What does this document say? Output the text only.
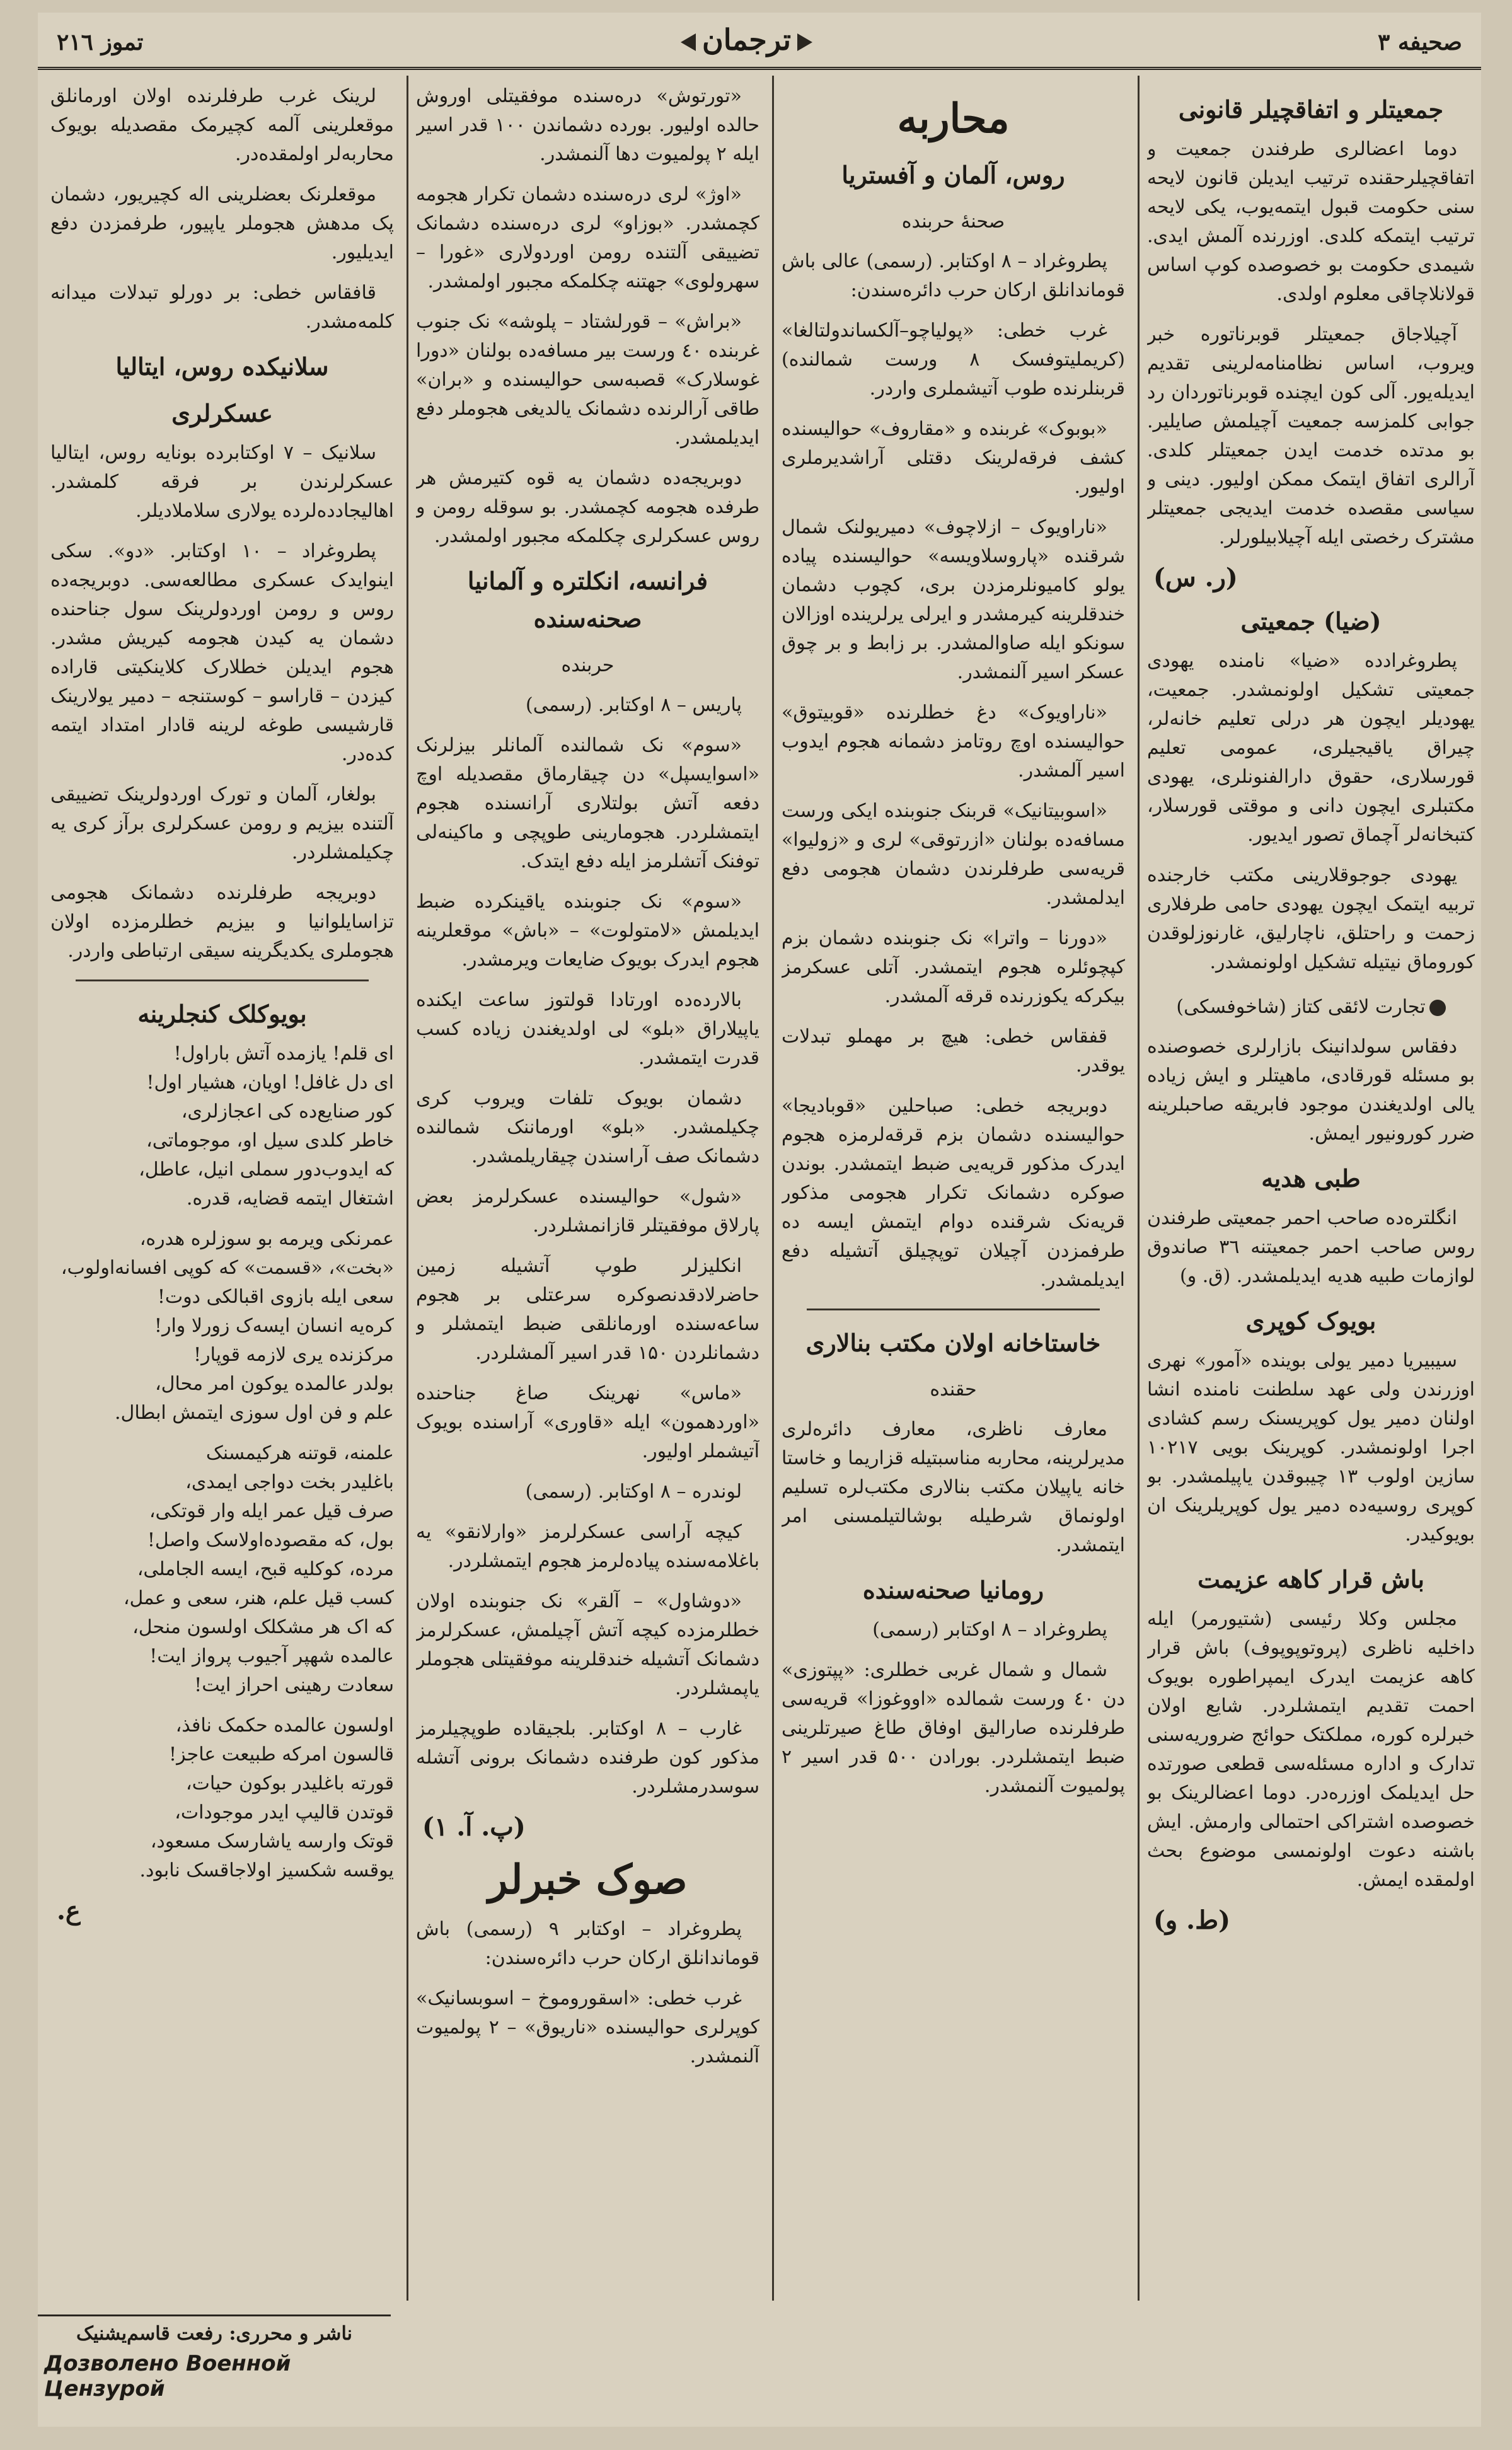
صحیفه ۳
ترجمان
تموز ۲۱٦
جمعیتلر و اتفاقچیلر قانونی

دوما اعضالری طرفندن جمعیت و اتفاقچیلرحقنده ترتیب ایدیلن قانون لایحه سنی حکومت قبول ایتمه‌یوب، یکی لایحه ترتیب ایتمکه کلدی. اوزرنده آلمش ایدی. شیمدی حکومت بو خصوصده کوپ اساس قولانلاچاقی معلوم اولدی.

آچیلاجاق جمعیتلر قوبرناتوره خبر ویروب، اساس نظامنامه‌لرینی تقدیم ایدیله‌یور. آلی کون ایچنده قوبرناتوردان رد جوابی کلمزسه جمعیت آچیلمش صایلیر. بو مدتده خدمت ایدن جمعیتلر کلدی. آرالری اتفاق ایتمک ممکن اولیور. دینی و سیاسی مقصده خدمت ایدیجی جمعیتلر مشترک رخصتی ایله آچیلابیلورلر.

(ر. س)
(ضیا) جمعیتی

پطروغرادده «ضیا» نامنده یهودی جمعیتی تشکیل اولونمشدر. جمعیت، یهودیلر ایچون هر درلی تعلیم خانه‌لر، چیراق یاقیجیلری، عمومی تعلیم قورسلاری، حقوق دارالفنونلری، یهودی مکتبلری ایچون دانی و موقتی قورسلار، کتبخانه‌لر آچماق تصور ایدیور.

یهودی جوجوقلارینی مکتب خارجنده تربیه ایتمک ایچون یهودی حامی طرفلاری زحمت و راحتلق، ناچارلیق، غارنوزلوقدن کوروماق نیتیله تشکیل اولونمشدر.

تجارت لائقی کتاز (شاخوفسکی)

دفقاس سولدانینک بازارلری خصوصنده بو مسئله قورقادی، ماهیتلر و ایش زیاده یالی اولدیغندن موجود فابریقه صاحبلرینه ضرر کورونیور ایمش.

طبی هدیه

انگلتره‌ده صاحب احمر جمعیتی طرفندن روس صاحب احمر جمعیتنه ۳٦ صاندوق لوازمات طبیه هدیه ایدیلمشدر. (ق. و)

بویوک کوپری

سیبیریا دمیر یولی بوینده «آمور» نهری اوزرندن ولی عهد سلطنت نامنده انشا اولنان دمیر یول کوپریسنک رسم کشادی اجرا اولونمشدر. کوپرینک بویی ۱۰۲۱۷ سازین اولوب ۱۳ چیبوقدن یاپیلمشدر. بو کوپری روسیه‌ده دمیر یول کوپریلرینک ان بویوکیدر.

باش قرار کاهه عزیمت

مجلس وکلا رئیسی (شتیورمر) ایله داخلیه ناظری (پروتوپوپوف) باش قرار کاهه عزیمت ایدرک ایمپراطوره بویوک احمت تقدیم ایتمشلردر. شایع اولان خبرلره کوره، مملکتک حوائج ضروریه‌سنی تدارک و اداره مسئله‌سی قطعی صورتده حل ایدیلمک اوزره‌در. دوما اعضالرینک بو خصوصده اشتراکی احتمالی وارمش. ایش باشنه دعوت اولونمسی موضوع بحث اولمقده ایمش.

(ط. و)
محاربه
روس، آلمان و آفستریا
صحنهٔ حربنده

پطروغراد – ۸ اوکتابر. (رسمی) عالی باش قوماندانلق ارکان حرب دائره‌سندن:

غرب خطی: «پولیاچو–آلکساندولتالغا» (کریملیتوفسک ۸ ورست شمالنده) قربنلرنده طوب آتیشملری واردر.

«بوبوک» غربنده و «مقاروف» حوالیسنده کشف فرقه‌لرینک دقتلی آراشدیرملری اولیور.

«ناراویوک – ازلاچوف» دمیریولنک شمال شرقنده «پاروسلاویسه» حوالیسنده پیاده یولو کامیونلرمزدن بری، کچوب دشمان خندقلرینه کیرمشدر و ایرلی یرلرینده اوزالان سونکو ایله صاوالمشدر. بر زابط و بر چوق عسکر اسیر آلنمشدر.

«ناراویوک» دغ خطلرنده «قوبیتوق» حوالیسنده اوچ روتامز دشمانه هجوم ایدوب اسیر آلمشدر.

«اسوبیتانیک» قربنک جنوبنده ایکی ورست مسافه‌ده بولنان «ازرتوقی» لری و «زولیوا» قریه‌سی طرفلرندن دشمان هجومی دفع ایدلمشدر.

«دورنا – واترا» نک جنوبنده دشمان بزم کپچوئلره هجوم ایتمشدر. آتلی عسکرمز بیکرکه یکوزرنده قرقه آلمشدر.

قفقاس خطی: هیچ بر مهملو تبدلات یوقدر.

دوبریجه خطی: صباحلین «قوبادیجا» حوالیسنده دشمان بزم قرقه‌لرمزه هجوم ایدرک مذکور قریه‌یی ضبط ایتمشدر. بوندن صوکره دشمانک تکرار هجومی مذکور قریه‌نک شرقنده دوام ایتمش ایسه ده طرفمزدن آچیلان توپچیلق آتشیله دفع ایدیلمشدر.

خاستاخانه اولان مکتب بنالاری
حقنده

معارف ناظری، معارف دائره‌لری مدیرلرینه، محاربه مناسبتیله قزاریما و خاستا خانه یاپیلان مکتب بنالاری مکتب‌لره تسلیم اولونماق شرطیله بوشالتیلمسنی امر ایتمشدر.

رومانیا صحنه‌سنده

پطروغراد – ۸ اوکتابر (رسمی)

شمال و شمال غربی خطلری: «پپتوزی» دن ٤۰ ورست شمالده «اووغوزا» قریه‌سی طرفلرنده صارالیق اوفاق طاغ صیرتلرینی ضبط ایتمشلردر. بورادن ۵۰۰ قدر اسیر ۲ پولمیوت آلنمشدر.

«تورتوش» دره‌سنده موفقیتلی اوروش حالده اولیور. بورده دشماندن ۱۰۰ قدر اسیر ایله ۲ پولمیوت دها آلنمشدر.

«اوژ» لری دره‌سنده دشمان تکرار هجومه کچمشدر. «بوزاو» لری دره‌سنده دشمانک تضییقی آلتنده رومن اوردولاری «غورا – سهرولوی» جهتنه چکلمکه مجبور اولمشدر.

«براش» – قورلشتاد – پلوشه» نک جنوب غربنده ٤۰ ورست بیر مسافه‌ده بولنان «دورا غوسلارک» قصبه‌سی حوالیسنده و «بران» طاقی آرالرنده دشمانک یالدیغی هجوملر دفع ایدیلمشدر.

دوبریجه‌ده دشمان یه قوه کتیرمش هر طرفده هجومه کچمشدر. بو سوقله رومن و روس عسکرلری چکلمکه مجبور اولمشدر.

فرانسه، انکلتره و آلمانیا صحنه‌سنده
حربنده

پاریس – ۸ اوکتابر. (رسمی)

«سوم» نک شمالنده آلمانلر بیزلرنک «اسوایسپل» دن چیقارماق مقصدیله اوچ دفعه آتش بولتلاری آرانسنده هجوم ایتمشلردر. هجومارینی طوپچی و ماکینه‌لی توفنک آتشلرمز ایله دفع ایتدک.

«سوم» نک جنوبنده یاقینکرده ضبط ایدیلمش «لامتولوت» – «باش» موقعلرینه هجوم ایدرک بویوک ضایعات ویرمشدر.

بالارده‌ده اورتادا قولتوز ساعت ایکنده یاپیلاراق «بلو» لی اولدیغندن زیاده کسب قدرت ایتمشدر.

دشمان بویوک تلفات ویروب کری چکیلمشدر. «بلو» اورماننک شمالنده دشمانک صف آراسندن چیقاریلمشدر.

«شول» حوالیسنده عسکرلرمز بعض پارلاق موفقیتلر قازانمشلردر.

انکلیزلر طوپ آتشیله زمین حاضرلادقدنصوکره سرعتلی بر هجوم ساعه‌سنده اورمانلقی ضبط ایتمشلر و دشمانلردن ۱۵۰ قدر اسیر آلمشلردر.

«ماس» نهرینک صاغ جناحنده «اوردهمون» ایله «قاوری» آراسنده بویوک آتیشملر اولیور.

لوندره – ۸ اوکتابر. (رسمی)

کیچه آراسی عسکرلرمز «وارلانقو» یه باغلامه‌سنده پیاده‌لرمز هجوم ایتمشلردر.

«دوشاول» – آلقر» نک جنوبنده اولان خطلرمزده کیچه آتش آچیلمش، عسکرلرمز دشمانک آتشیله خندقلرینه موفقیتلی هجوملر یاپمشلردر.

غارب – ۸ اوکتابر. بلجیقاده طوپچیلرمز مذکور کون طرفنده دشمانک برونی آتشله سوسدرمشلردر.

(پ. آ. ۱)
صوک خبرلر

پطروغراد – اوکتابر ۹ (رسمی) باش قوماندانلق ارکان حرب دائره‌سندن:

غرب خطی: «اسقوروموخ – اسوبسانیک» کوپرلری حوالیسنده «ناریوق» – ۲ پولمیوت آلنمشدر.

لرینک غرب طرفلرنده اولان اورمانلق موقعلرینی آلمه کچیرمک مقصدیله بویوک محاربه‌لر اولمقده‌در.

موقعلرنک بعضلرینی اله کچیریور، دشمان پک مدهش هجوملر یاپیور، طرفمزدن دفع ایدیلیور.

قافقاس خطی: بر دورلو تبدلات میدانه کلمه‌مشدر.

سلانیکده روس، ایتالیا
عسکرلری

سلانیک – ۷ اوکتابرده بونایه روس، ایتالیا عسکرلرندن بر فرقه کلمشدر. اهالیجادده‌لرده یولاری سلاملادیلر.

پطروغراد – ۱۰ اوکتابر. «دو». سکی اینوایدک عسکری مطالعه‌سی. دوبریجه‌ده روس و رومن اوردولرینک سول جناحنده دشمان یه کیدن هجومه کیریش مشدر. هجوم ایدیلن خطلارک کلاینکیتی قاراده کیزدن – قاراسو – کوستنجه – دمیر یولارینک قارشیسی طوغه لرینه قادار امتداد ایتمه کده‌در.

بولغار، آلمان و تورک اوردولرینک تضییقی آلتنده بیزیم و رومن عسکرلری برآز کری یه چکیلمشلردر.

دوبریجه طرفلرنده دشمانک هجومی تزاسایلوانیا و بیزیم خطلرمزده اولان هجوملری یکدیگرینه سیقی ارتباطی واردر.

بویوکلک کنجلرینه

ای قلم! یازمده آتش باراول!
ای دل غافل! اویان، هشیار اول!
کور صنایع‌ده کی اعجازلری،
خاطر کلدی سیل او، موجوماتی،
که ایدوب‌دور سملی انیل، عاطل،
اشتغال ایتمه قضایه، قدره.

عمرنکی ویرمه بو سوزلره هدره،
«بخت»، «قسمت» که کوپی افسانه‌اولوب،
سعی ایله بازوی اقبالکی دوت!
کره‌یه انسان ایسه‌ک زورلا وار!
مرکزنده یری لازمه قوپار!
بولدر عالمده یوکون امر محال،
علم و فن اول سوزی ایتمش ابطال.

علمنه، قوتنه هرکیمسنک
باغلیدر بخت دواجی ایمدی،
صرف قیل عمر ایله وار قوتکی،
بول، که مقصوده‌اولاسک واصل!
مرده، کوکلیه قبح، ایسه الجاملی،
کسب قیل علم، هنر، سعی و عمل،
که اک هر مشکلک اولسون منحل،
عالمده شهپر آجیوب پرواز ایت!
سعادت رهینی احراز ایت!

اولسون عالمده حکمک نافذ،
قالسون امرکه طبیعت عاجز!
قورته باغلیدر بوکون حیات،
قوتدن قالیپ ایدر موجودات،
قوتک وارسه یاشارسک مسعود،
یوقسه شکسیز اولاجاقسک نابود.

ع.
ناشر و محرری: رفعت قاسم‌یشنیک
Дозволено Военной Цензурой
